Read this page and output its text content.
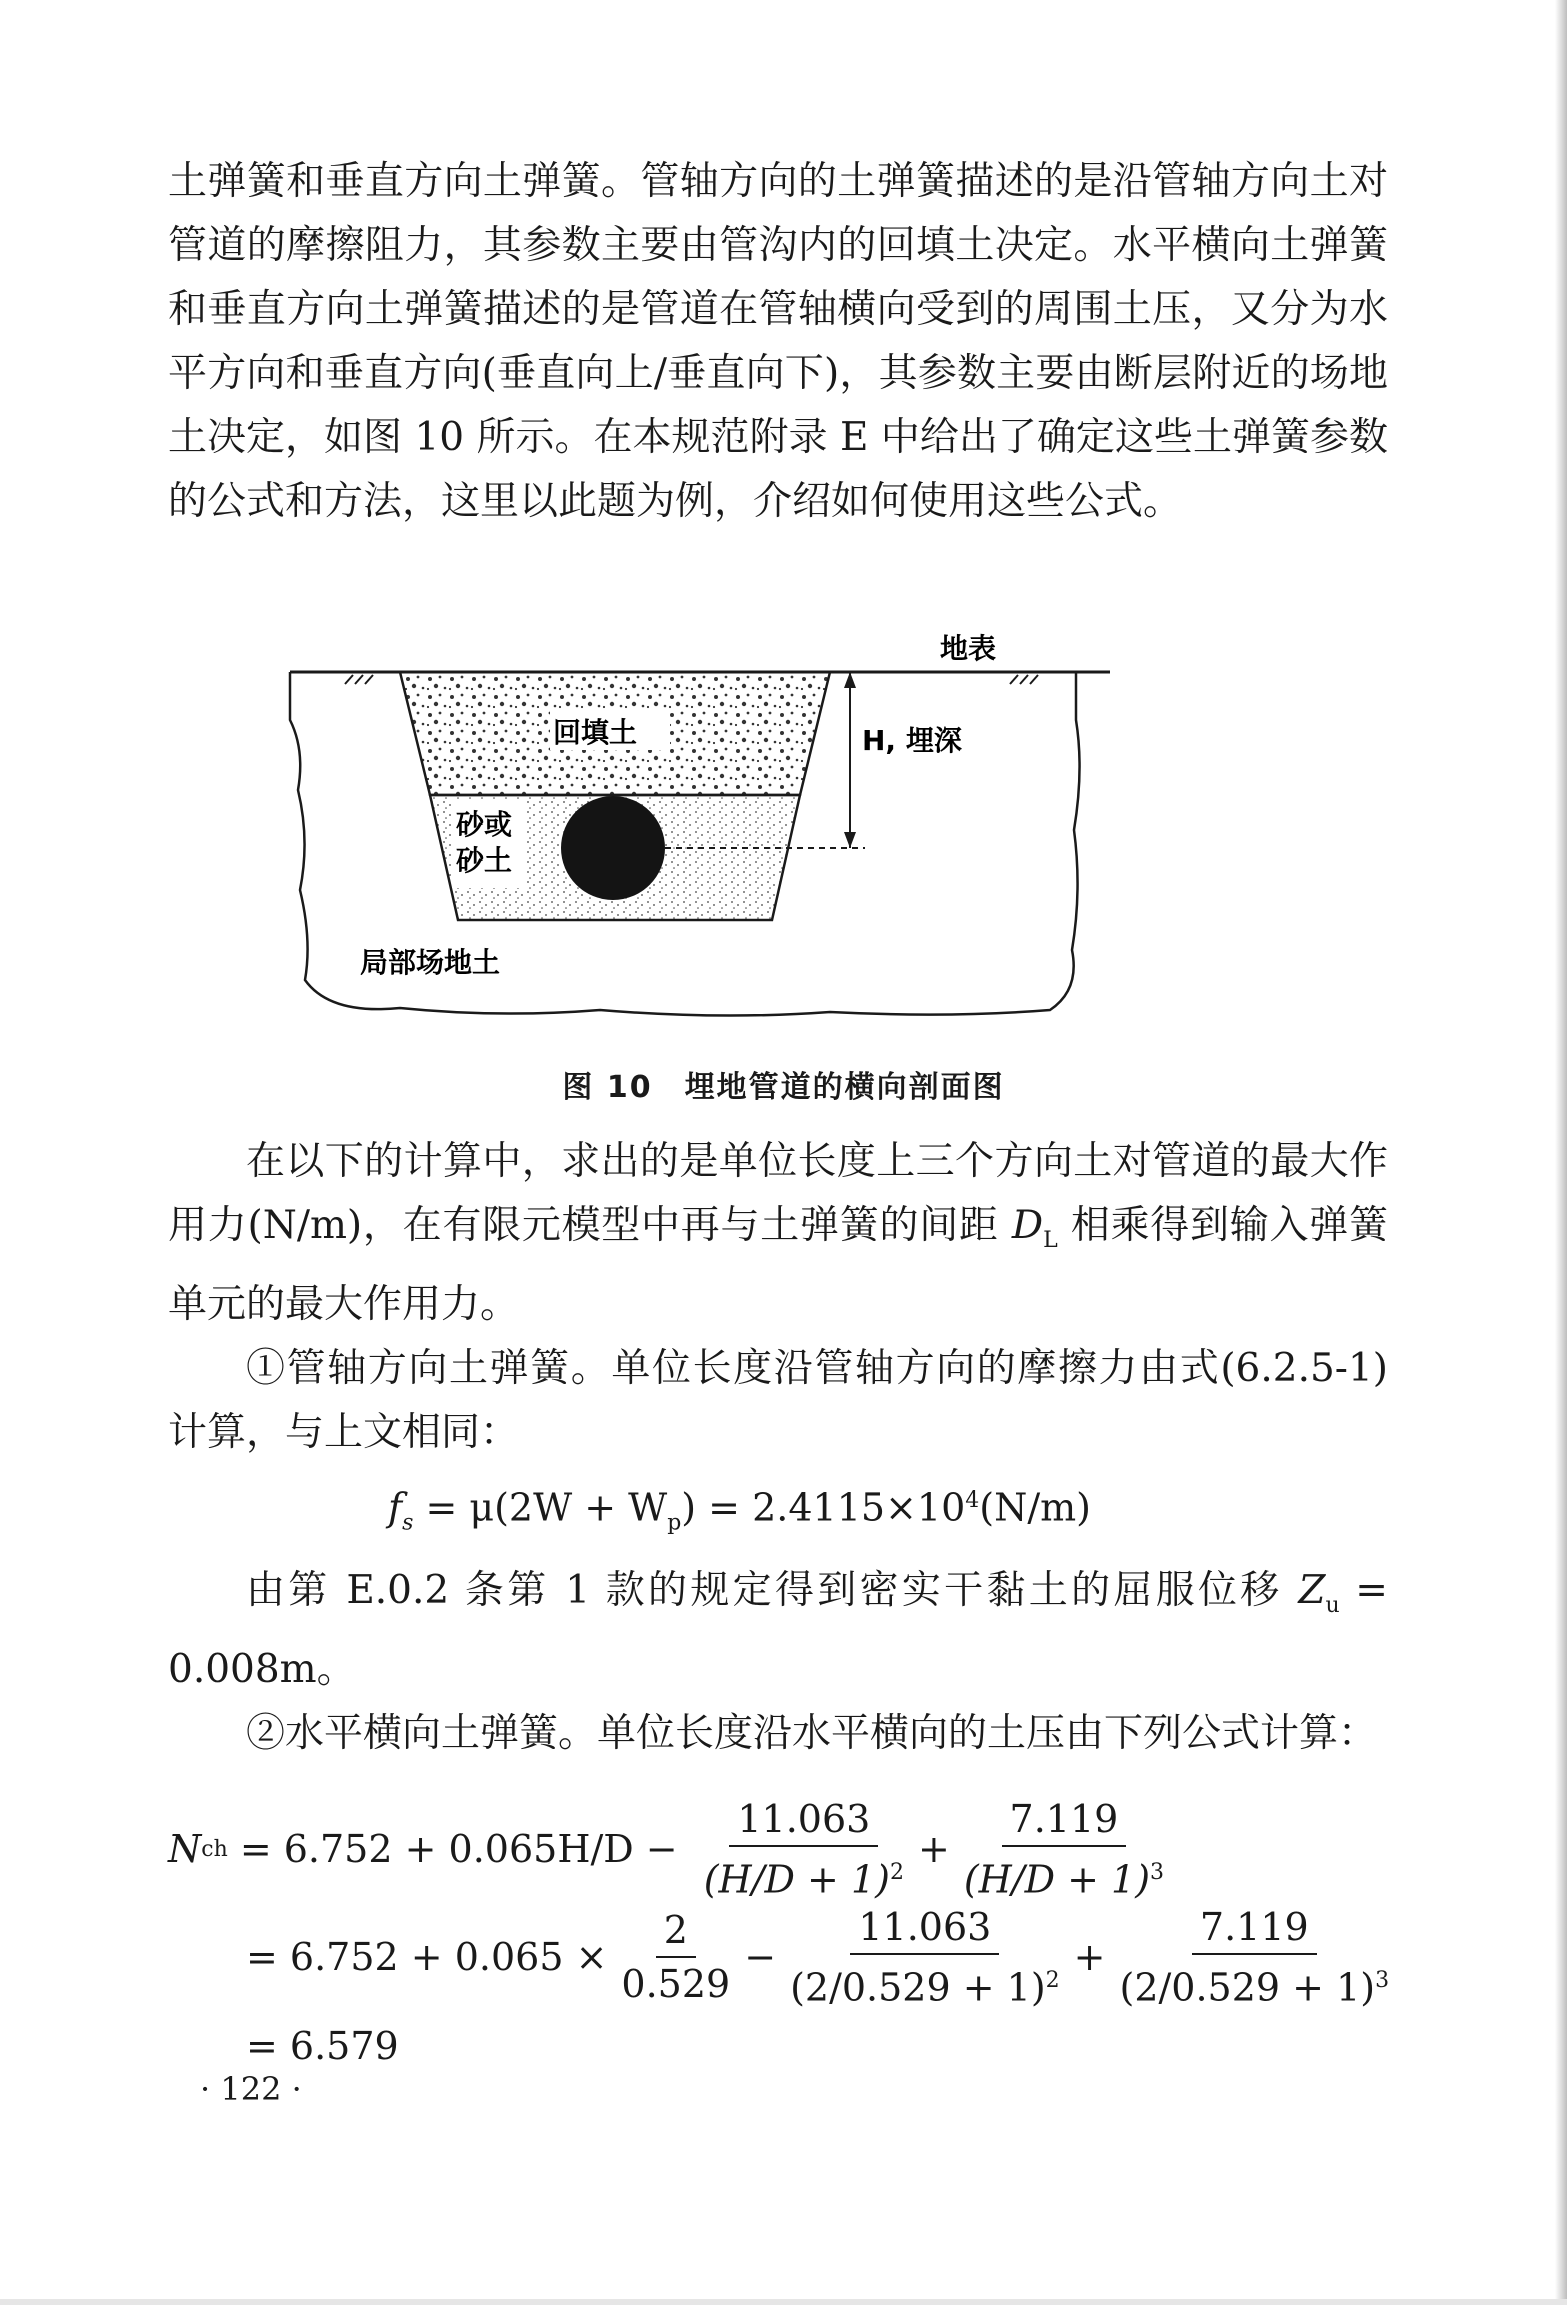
土弹簧和垂直方向土弹簧。管轴方向的土弹簧描述的是沿管轴方向土对管道的摩擦阻力，其参数主要由管沟内的回填土决定。水平横向土弹簧和垂直方向土弹簧描述的是管道在管轴横向受到的周围土压，又分为水平方向和垂直方向(垂直向上/垂直向下)，其参数主要由断层附近的场地土决定，如图 10 所示。在本规范附录 E 中给出了确定这些土弹簧参数的公式和方法，这里以此题为例，介绍如何使用这些公式。

地表
回填土	H, 埋深
砂或
砂土
局部场地土
图 10　埋地管道的横向剖面图

在以下的计算中，求出的是单位长度上三个方向土对管道的最大作用力(N/m)，在有限元模型中再与土弹簧的间距 $D_L$ 相乘得到输入弹簧单元的最大作用力。

①管轴方向土弹簧。单位长度沿管轴方向的摩擦力由式(6.2.5-1)计算，与上文相同：

$f_s = \mu(2W + W_p) = 2.4115\times 10^4(N/m)$

由第 E.0.2 条第 1 款的规定得到密实干黏土的屈服位移 $Z_u = 0.008m$。

②水平横向土弹簧。单位长度沿水平横向的土压由下列公式计算：

N ch = $6.752 + 0.065H/D - \frac{11.063}{(H/D + 1)^2} + \frac{7.119}{(H/D + 1)^3}$
= $6.752 + 0.065 \times \frac{2}{0.529} - \frac{11.063}{(2/0.529 + 1)^2} + \frac{7.119}{(2/0.529 + 1)^3}$
= 6.579
· 122 ·
